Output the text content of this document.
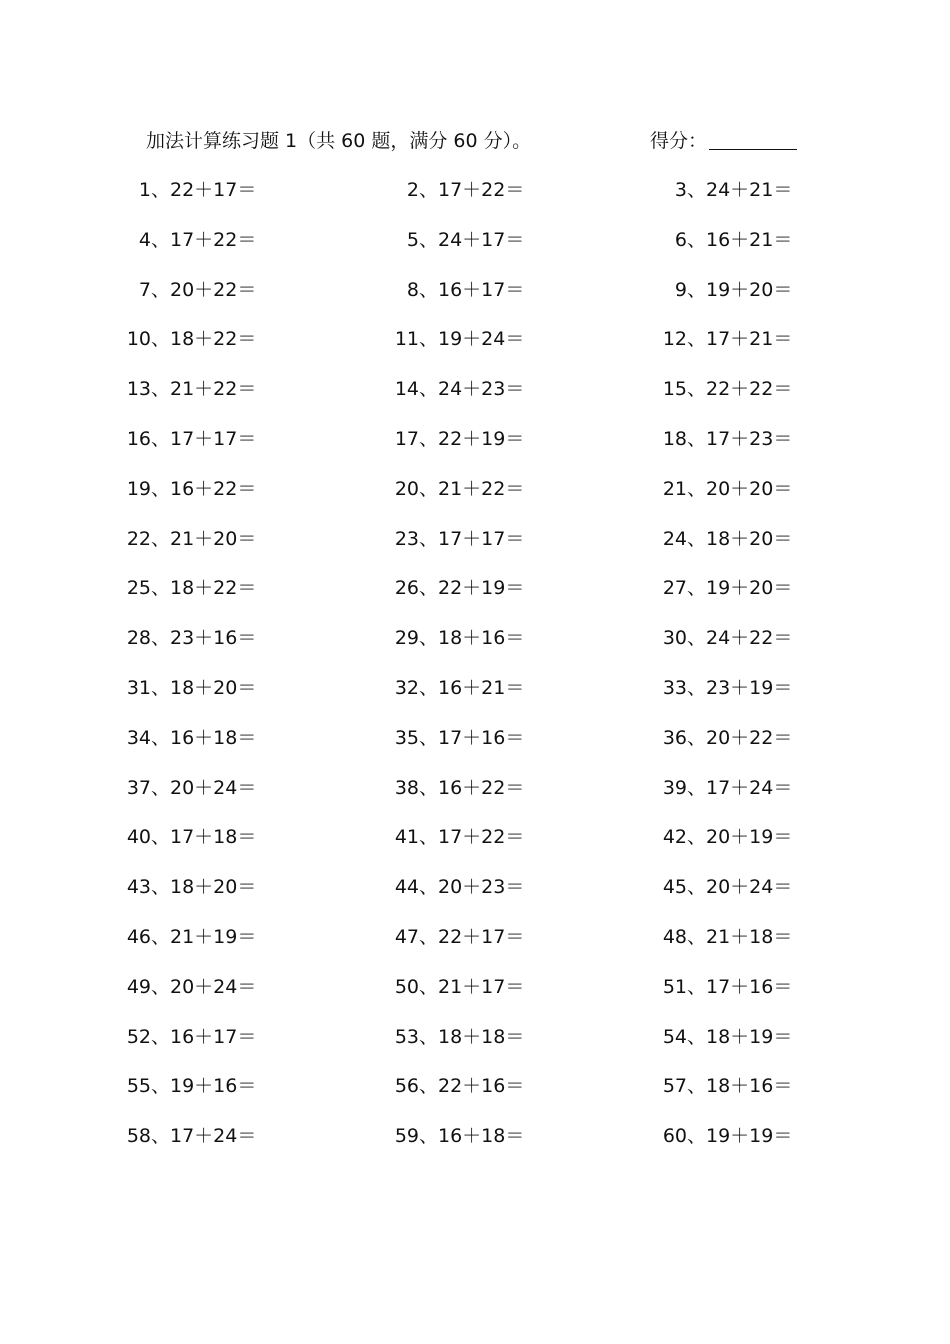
加法计算练习题 1（共 60 题，满分 60 分）。	得分：
1、22＋17＝	2、17＋22＝	3、24＋21＝
4、17＋22＝	5、24＋17＝	6、16＋21＝
7、20＋22＝	8、16＋17＝	9、19＋20＝
10、18＋22＝	11、19＋24＝	12、17＋21＝
13、21＋22＝	14、24＋23＝	15、22＋22＝
16、17＋17＝	17、22＋19＝	18、17＋23＝
19、16＋22＝	20、21＋22＝	21、20＋20＝
22、21＋20＝	23、17＋17＝	24、18＋20＝
25、18＋22＝	26、22＋19＝	27、19＋20＝
28、23＋16＝	29、18＋16＝	30、24＋22＝
31、18＋20＝	32、16＋21＝	33、23＋19＝
34、16＋18＝	35、17＋16＝	36、20＋22＝
37、20＋24＝	38、16＋22＝	39、17＋24＝
40、17＋18＝	41、17＋22＝	42、20＋19＝
43、18＋20＝	44、20＋23＝	45、20＋24＝
46、21＋19＝	47、22＋17＝	48、21＋18＝
49、20＋24＝	50、21＋17＝	51、17＋16＝
52、16＋17＝	53、18＋18＝	54、18＋19＝
55、19＋16＝	56、22＋16＝	57、18＋16＝
58、17＋24＝	59、16＋18＝	60、19＋19＝
